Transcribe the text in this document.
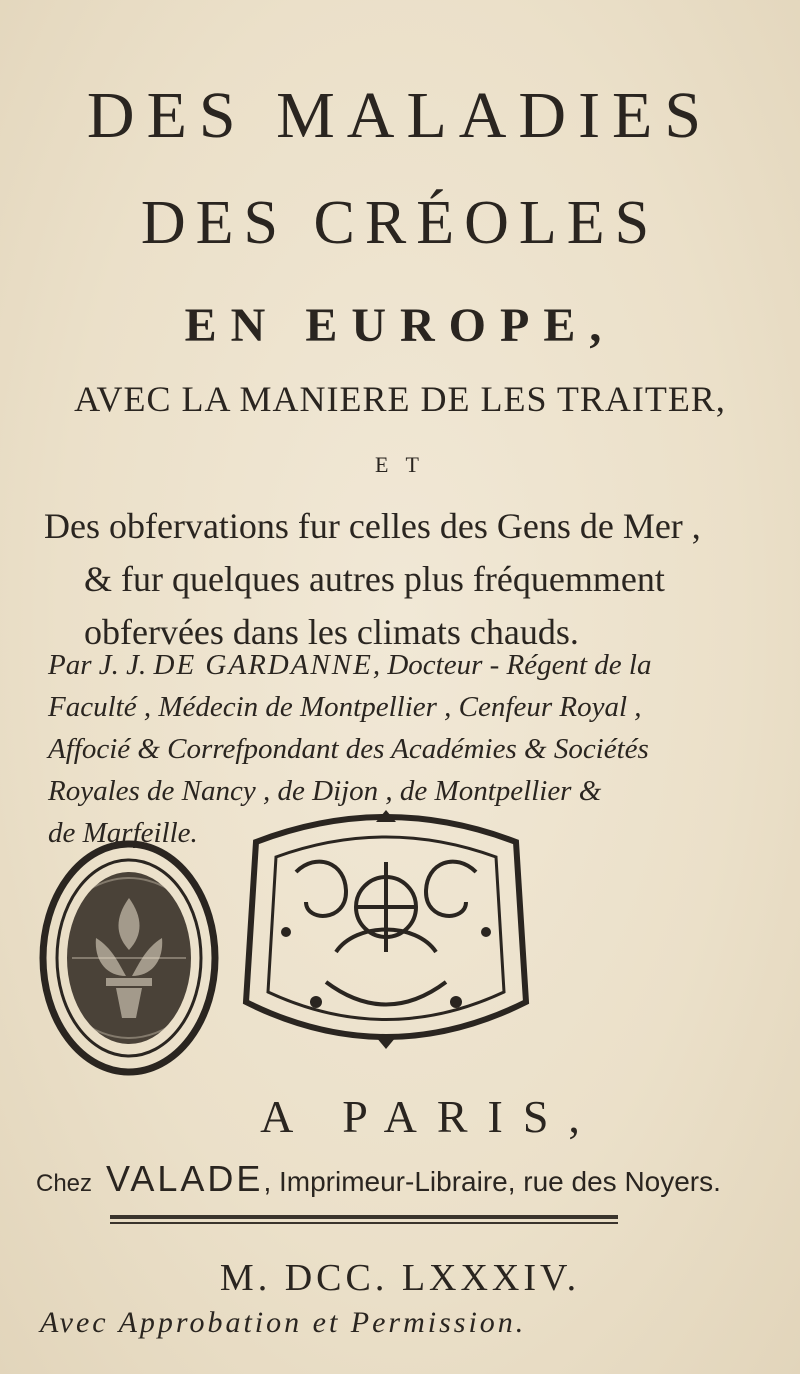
DES MALADIES
DES CRÉOLES
EN EUROPE,
AVEC LA MANIERE DE LES TRAITER,
E T
Des obfervations fur celles des Gens de Mer ,
& fur quelques autres plus fréquemment
obfervées dans les climats chauds.
Par J. J. DE GARDANNE, Docteur - Régent de la
Faculté , Médecin de Montpellier , Cenfeur Royal ,
Affocié & Correfpondant des Académies & Sociétés
Royales de Nancy , de Dijon , de Montpellier &
de Marfeille.
A PARIS,
Chez VALADE, Imprimeur-Libraire, rue des Noyers.
M. DCC. LXXXIV.
Avec Approbation et Permission.
